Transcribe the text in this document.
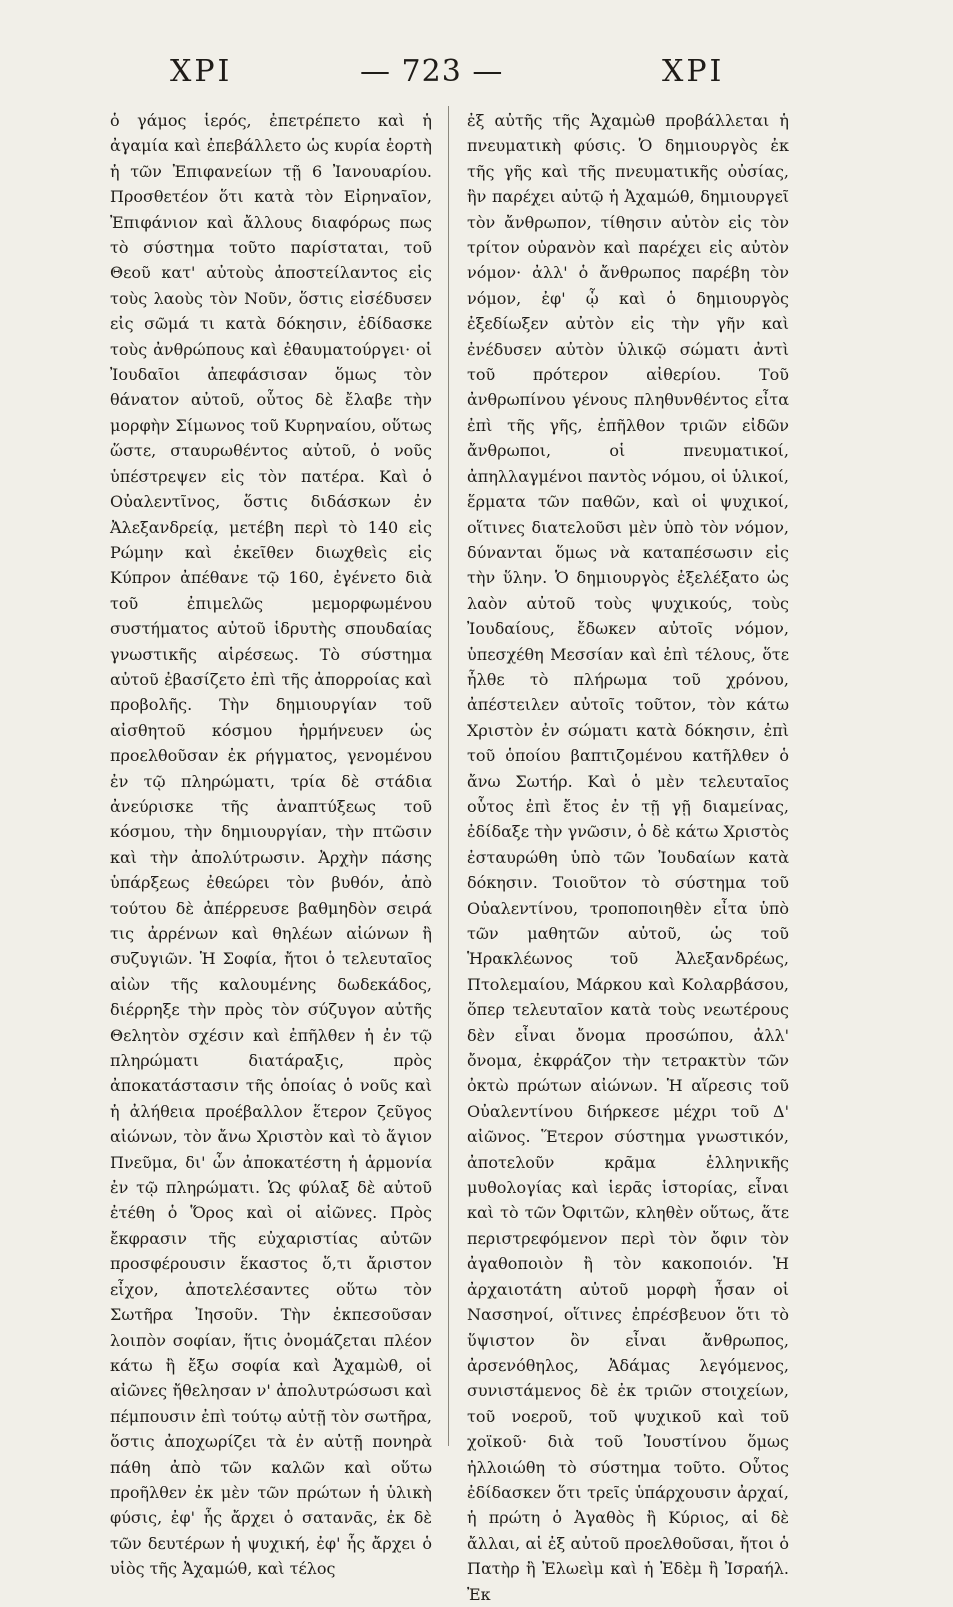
ΧΡΙ	— 723 —	ΧΡΙ
ὁ γάμος ἱερός, ἐπετρέπετο καὶ ἡ ἀγαμία καὶ ἐπεβάλλετο ὡς κυρία ἑορτὴ ἡ τῶν Ἐπιφανείων τῇ 6 Ἰανουαρίου. Προσθετέον ὅτι κατὰ τὸν Εἰρηναῖον, Ἐπιφάνιον καὶ ἄλλους διαφόρως πως τὸ σύστημα τοῦτο παρίσταται, τοῦ Θεοῦ κατ' αὐτοὺς ἀποστείλαντος εἰς τοὺς λαοὺς τὸν Νοῦν, ὅστις εἰσέδυσεν εἰς σῶμά τι κατὰ δόκησιν, ἐδίδασκε τοὺς ἀνθρώπους καὶ ἐθαυματούργει· οἱ Ἰουδαῖοι ἀπεφάσισαν ὅμως τὸν θάνατον αὐτοῦ, οὗτος δὲ ἔλαβε τὴν μορφὴν Σίμωνος τοῦ Κυρηναίου, οὕτως ὥστε, σταυρωθέντος αὐτοῦ, ὁ νοῦς ὑπέστρεψεν εἰς τὸν πατέρα. Καὶ ὁ Οὐαλεντῖνος, ὅστις διδάσκων ἐν Ἀλεξανδρείᾳ, μετέβη περὶ τὸ 140 εἰς Ρώμην καὶ ἐκεῖθεν διωχθεὶς εἰς Κύπρον ἀπέθανε τῷ 160, ἐγένετο διὰ τοῦ ἐπιμελῶς μεμορφωμένου συστήματος αὐτοῦ ἱδρυτὴς σπουδαίας γνωστικῆς αἱρέσεως. Τὸ σύστημα αὐτοῦ ἐβασίζετο ἐπὶ τῆς ἀπορροίας καὶ προβολῆς. Τὴν δημιουργίαν τοῦ αἰσθητοῦ κόσμου ἡρμήνευεν ὡς προελθοῦσαν ἐκ ρήγματος, γενομένου ἐν τῷ πληρώματι, τρία δὲ στάδια ἀνεύρισκε τῆς ἀναπτύξεως τοῦ κόσμου, τὴν δημιουργίαν, τὴν πτῶσιν καὶ τὴν ἀπολύτρωσιν. Ἀρχὴν πάσης ὑπάρξεως ἐθεώρει τὸν βυθόν, ἀπὸ τούτου δὲ ἀπέρρευσε βαθμηδὸν σειρά τις ἀρρένων καὶ θηλέων αἰώνων ἢ συζυγιῶν. Ἡ Σοφία, ἤτοι ὁ τελευταῖος αἰὼν τῆς καλουμένης δωδεκάδος, διέρρηξε τὴν πρὸς τὸν σύζυγον αὐτῆς Θελητὸν σχέσιν καὶ ἐπῆλθεν ἡ ἐν τῷ πληρώματι διατάραξις, πρὸς ἀποκατάστασιν τῆς ὁποίας ὁ νοῦς καὶ ἡ ἀλήθεια προέβαλλον ἕτερον ζεῦγος αἰώνων, τὸν ἄνω Χριστὸν καὶ τὸ ἅγιον Πνεῦμα, δι' ὧν ἀποκατέστη ἡ ἁρμονία ἐν τῷ πληρώματι. Ὡς φύλαξ δὲ αὐτοῦ ἐτέθη ὁ Ὅρος καὶ οἱ αἰῶνες. Πρὸς ἔκφρασιν τῆς εὐχαριστίας αὐτῶν προσφέρουσιν ἕκαστος ὅ,τι ἄριστον εἶχον, ἀποτελέσαντες οὕτω τὸν Σωτῆρα Ἰησοῦν. Τὴν ἐκπεσοῦσαν λοιπὸν σοφίαν, ἥτις ὀνομάζεται πλέον κάτω ἢ ἔξω σοφία καὶ Ἀχαμὼθ, οἱ αἰῶνες ἤθελησαν ν' ἀπολυτρώσωσι καὶ πέμπουσιν ἐπὶ τούτῳ αὐτῇ τὸν σωτῆρα, ὅστις ἀποχωρίζει τὰ ἐν αὐτῇ πονηρὰ πάθη ἀπὸ τῶν καλῶν καὶ οὕτω προῆλθεν ἐκ μὲν τῶν πρώτων ἡ ὑλικὴ φύσις, ἐφ' ἧς ἄρχει ὁ σατανᾶς, ἐκ δὲ τῶν δευτέρων ἡ ψυχική, ἐφ' ἧς ἄρχει ὁ υἱὸς τῆς Ἀχαμώθ, καὶ τέλος
ἐξ αὐτῆς τῆς Ἀχαμὼθ προβάλλεται ἡ πνευματικὴ φύσις. Ὁ δημιουργὸς ἐκ τῆς γῆς καὶ τῆς πνευματικῆς οὐσίας, ἣν παρέχει αὐτῷ ἡ Ἀχαμώθ, δημιουργεῖ τὸν ἄνθρωπον, τίθησιν αὐτὸν εἰς τὸν τρίτον οὐρανὸν καὶ παρέχει εἰς αὐτὸν νόμον· ἀλλ' ὁ ἄνθρωπος παρέβη τὸν νόμον, ἐφ' ᾧ καὶ ὁ δημιουργὸς ἐξεδίωξεν αὐτὸν εἰς τὴν γῆν καὶ ἐνέδυσεν αὐτὸν ὑλικῷ σώματι ἀντὶ τοῦ πρότερον αἰθερίου. Τοῦ ἀνθρωπίνου γένους πληθυνθέντος εἶτα ἐπὶ τῆς γῆς, ἐπῆλθον τριῶν εἰδῶν ἄνθρωποι, οἱ πνευματικοί, ἀπηλλαγμένοι παντὸς νόμου, οἱ ὑλικοί, ἕρματα τῶν παθῶν, καὶ οἱ ψυχικοί, οἵτινες διατελοῦσι μὲν ὑπὸ τὸν νόμον, δύνανται ὅμως νὰ καταπέσωσιν εἰς τὴν ὕλην. Ὁ δημιουργὸς ἐξελέξατο ὡς λαὸν αὐτοῦ τοὺς ψυχικούς, τοὺς Ἰουδαίους, ἔδωκεν αὐτοῖς νόμον, ὑπεσχέθη Μεσσίαν καὶ ἐπὶ τέλους, ὅτε ἦλθε τὸ πλήρωμα τοῦ χρόνου, ἀπέστειλεν αὐτοῖς τοῦτον, τὸν κάτω Χριστὸν ἐν σώματι κατὰ δόκησιν, ἐπὶ τοῦ ὁποίου βαπτιζομένου κατῆλθεν ὁ ἄνω Σωτήρ. Καὶ ὁ μὲν τελευταῖος οὗτος ἐπὶ ἔτος ἐν τῇ γῇ διαμείνας, ἐδίδαξε τὴν γνῶσιν, ὁ δὲ κάτω Χριστὸς ἐσταυρώθη ὑπὸ τῶν Ἰουδαίων κατὰ δόκησιν. Τοιοῦτον τὸ σύστημα τοῦ Οὐαλεντίνου, τροποποιηθὲν εἶτα ὑπὸ τῶν μαθητῶν αὐτοῦ, ὡς τοῦ Ἡρακλέωνος τοῦ Ἀλεξανδρέως, Πτολεμαίου, Μάρκου καὶ Κολαρβάσου, ὅπερ τελευταῖον κατὰ τοὺς νεωτέρους δὲν εἶναι ὄνομα προσώπου, ἀλλ' ὄνομα, ἐκφράζον τὴν τετρακτὺν τῶν ὀκτὼ πρώτων αἰώνων. Ἡ αἵρεσις τοῦ Οὐαλεντίνου διήρκεσε μέχρι τοῦ Δ' αἰῶνος. Ἕτερον σύστημα γνωστικόν, ἀποτελοῦν κρᾶμα ἑλληνικῆς μυθολογίας καὶ ἱερᾶς ἱστορίας, εἶναι καὶ τὸ τῶν Ὀφιτῶν, κληθὲν οὕτως, ἅτε περιστρεφόμενον περὶ τὸν ὄφιν τὸν ἀγαθοποιὸν ἢ τὸν κακοποιόν. Ἡ ἀρχαιοτάτη αὐτοῦ μορφὴ ἦσαν οἱ Νασσηνοί, οἵτινες ἐπρέσβευον ὅτι τὸ ὕψιστον ὂν εἶναι ἄνθρωπος, ἀρσενόθηλος, Ἀδάμας λεγόμενος, συνιστάμενος δὲ ἐκ τριῶν στοιχείων, τοῦ νοεροῦ, τοῦ ψυχικοῦ καὶ τοῦ χοϊκοῦ· διὰ τοῦ Ἰουστίνου ὅμως ἠλλοιώθη τὸ σύστημα τοῦτο. Οὗτος ἐδίδασκεν ὅτι τρεῖς ὑπάρχουσιν ἀρχαί, ἡ πρώτη ὁ Ἀγαθὸς ἢ Κύριος, αἱ δὲ ἄλλαι, αἱ ἐξ αὐτοῦ προελθοῦσαι, ἤτοι ὁ Πατὴρ ἢ Ἐλωεὶμ καὶ ἡ Ἐδὲμ ἢ Ἰσραήλ. Ἐκ
